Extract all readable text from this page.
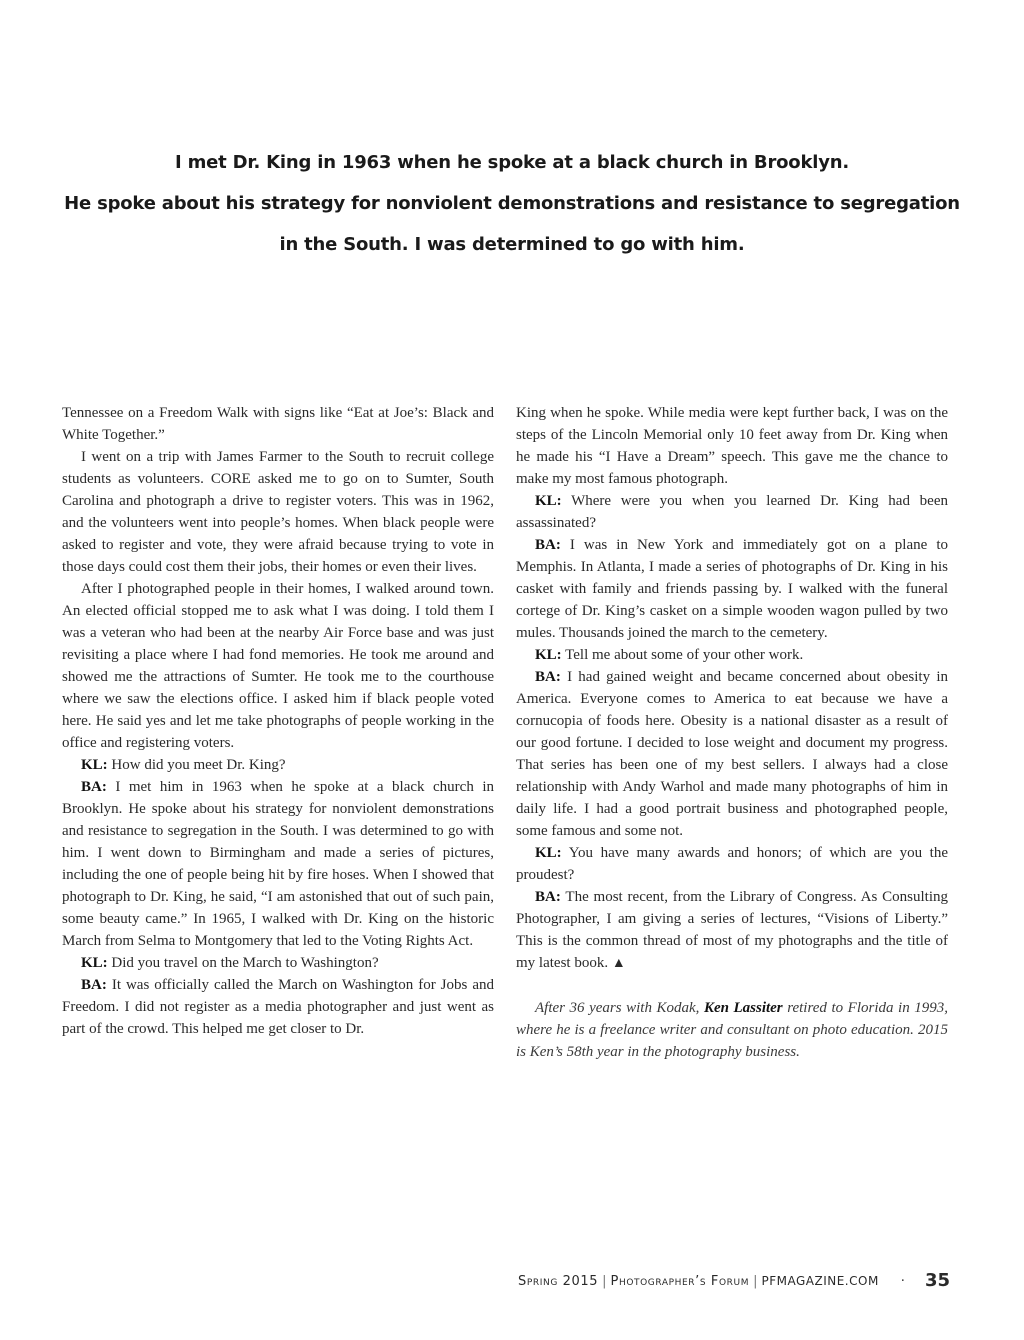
I met Dr. King in 1963 when he spoke at a black church in Brooklyn.
He spoke about his strategy for nonviolent demonstrations and resistance to segregation
in the South. I was determined to go with him.

Tennessee on a Freedom Walk with signs like “Eat at Joe’s: Black and White Together.”

I went on a trip with James Farmer to the South to recruit college students as volunteers. CORE asked me to go on to Sumter, South Carolina and photograph a drive to register voters. This was in 1962, and the volunteers went into people’s homes. When black people were asked to register and vote, they were afraid because trying to vote in those days could cost them their jobs, their homes or even their lives.

After I photographed people in their homes, I walked around town. An elected official stopped me to ask what I was doing. I told them I was a veteran who had been at the nearby Air Force base and was just revisiting a place where I had fond memories. He took me around and showed me the attractions of Sumter. He took me to the courthouse where we saw the elections office. I asked him if black people voted here. He said yes and let me take photographs of people working in the office and registering voters.

KL: How did you meet Dr. King?

BA: I met him in 1963 when he spoke at a black church in Brooklyn. He spoke about his strategy for nonviolent demonstrations and resistance to segregation in the South. I was determined to go with him. I went down to Birmingham and made a series of pictures, including the one of people being hit by fire hoses. When I showed that photograph to Dr. King, he said, “I am astonished that out of such pain, some beauty came.” In 1965, I walked with Dr. King on the historic March from Selma to Montgomery that led to the Voting Rights Act.

KL: Did you travel on the March to Washington?

BA: It was officially called the March on Washington for Jobs and Freedom. I did not register as a media photographer and just went as part of the crowd. This helped me get closer to Dr.

King when he spoke. While media were kept further back, I was on the steps of the Lincoln Memorial only 10 feet away from Dr. King when he made his “I Have a Dream” speech. This gave me the chance to make my most famous photograph.

KL: Where were you when you learned Dr. King had been assassinated?

BA: I was in New York and immediately got on a plane to Memphis. In Atlanta, I made a series of photographs of Dr. King in his casket with family and friends passing by. I walked with the funeral cortege of Dr. King’s casket on a simple wooden wagon pulled by two mules. Thousands joined the march to the cemetery.

KL: Tell me about some of your other work.

BA: I had gained weight and became concerned about obesity in America. Everyone comes to America to eat because we have a cornucopia of foods here. Obesity is a national disaster as a result of our good fortune. I decided to lose weight and document my progress. That series has been one of my best sellers. I always had a close relationship with Andy Warhol and made many photographs of him in daily life. I had a good portrait business and photographed people, some famous and some not.

KL: You have many awards and honors; of which are you the proudest?

BA: The most recent, from the Library of Congress. As Consulting Photographer, I am giving a series of lectures, “Visions of Liberty.” This is the common thread of most of my photographs and the title of my latest book. ▲

After 36 years with Kodak, Ken Lassiter retired to Florida in 1993, where he is a freelance writer and consultant on photo education. 2015 is Ken’s 58th year in the photography business.

Spring 2015 | Photographer’s Forum | PFMAGAZINE.COM · 35
